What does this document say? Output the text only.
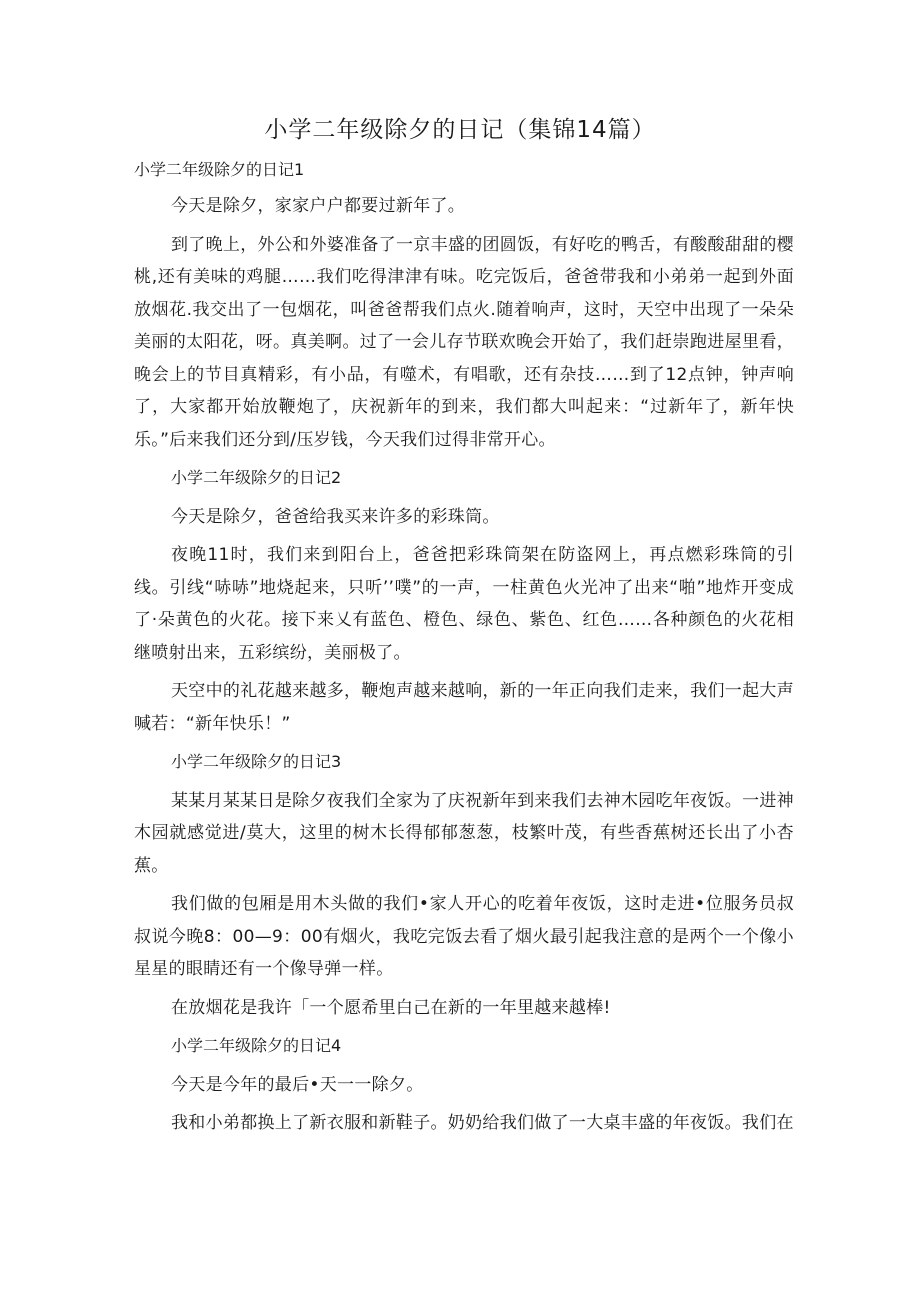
小学二年级除夕的日记（集锦14篇）

小学二年级除夕的日记1

今天是除夕，家家户户都要过新年了。

到了晚上，外公和外婆准备了一京丰盛的团圆饭，有好吃的鸭舌，有酸酸甜甜的樱桃,还有美味的鸡腿……我们吃得津津有味。吃完饭后，爸爸带我和小弟弟一起到外面放烟花.我交出了一包烟花，叫爸爸帮我们点火.随着响声，这时，天空中出现了一朵朵美丽的太阳花，呀。真美啊。过了一会儿存节联欢晚会开始了，我们赶崇跑进屋里看，晚会上的节目真精彩，有小品，有噬术，有唱歌，还有杂技……到了12点钟，钟声响了，大家都开始放鞭炮了，庆祝新年的到来，我们都大叫起来：“过新年了，新年快乐。”后来我们还分到/压岁钱，今天我们过得非常开心。

小学二年级除夕的日记2

今天是除夕，爸爸给我买来许多的彩珠筒。

夜晚11时，我们来到阳台上，爸爸把彩珠筒架在防盗网上，再点燃彩珠筒的引线。引线“哧哧”地烧起来，只听’’噗”的一声，一柱黄色火光冲了出来“啪”地炸开变成了·朵黄色的火花。接下来乂有蓝色、橙色、绿色、紫色、红色……各种颜色的火花相继喷射出来，五彩缤纷，美丽极了。

天空中的礼花越来越多，鞭炮声越来越响，新的一年正向我们走来，我们一起大声喊若：“新年快乐！”

小学二年级除夕的日记3

某某月某某日是除夕夜我们全家为了庆祝新年到来我们去神木园吃年夜饭。一进神木园就感觉进/莫大，这里的树木长得郁郁葱葱，枝繁叶茂，有些香蕉树还长出了小杏蕉。

我们做的包厢是用木头做的我们•家人开心的吃着年夜饭，这时走进•位服务员叔叔说今晚8：00—9：00有烟火，我吃完饭去看了烟火最引起我注意的是两个一个像小星星的眼睛还有一个像导弹一样。

在放烟花是我许「一个愿希里白己在新的一年里越来越棒!

小学二年级除夕的日记4

今天是今年的最后•天一一除夕。

我和小弟都换上了新衣服和新鞋子。奶奶给我们做了一大桌丰盛的年夜饭。我们在
